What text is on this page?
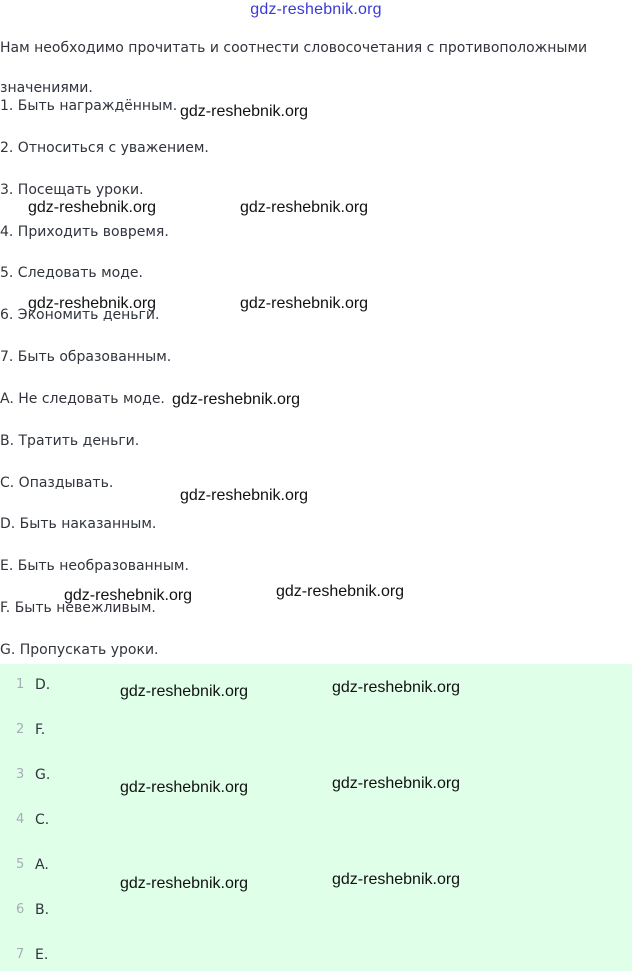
gdz-reshebnik.org
Нам необходимо прочитать и соотнести словосочетания с противоположными значениями.
1. Быть награждённым.
2. Относиться с уважением.
3. Посещать уроки.
4. Приходить вовремя.
5. Следовать моде.
6. Экономить деньги.
7. Быть образованным.
A. Не следовать моде.
B. Тратить деньги.
C. Опаздывать.
D. Быть наказанным.
E. Быть необразованным.
F. Быть невежливым.
G. Пропускать уроки.
1 D.
2 F.
3 G.
4 C.
5 A.
6 B.
7 E.
gdz-reshebnik.org
gdz-reshebnik.org	gdz-reshebnik.org
gdz-reshebnik.org	gdz-reshebnik.org
gdz-reshebnik.org
gdz-reshebnik.org
gdz-reshebnik.org	gdz-reshebnik.org
gdz-reshebnik.org	gdz-reshebnik.org
gdz-reshebnik.org	gdz-reshebnik.org
gdz-reshebnik.org	gdz-reshebnik.org
